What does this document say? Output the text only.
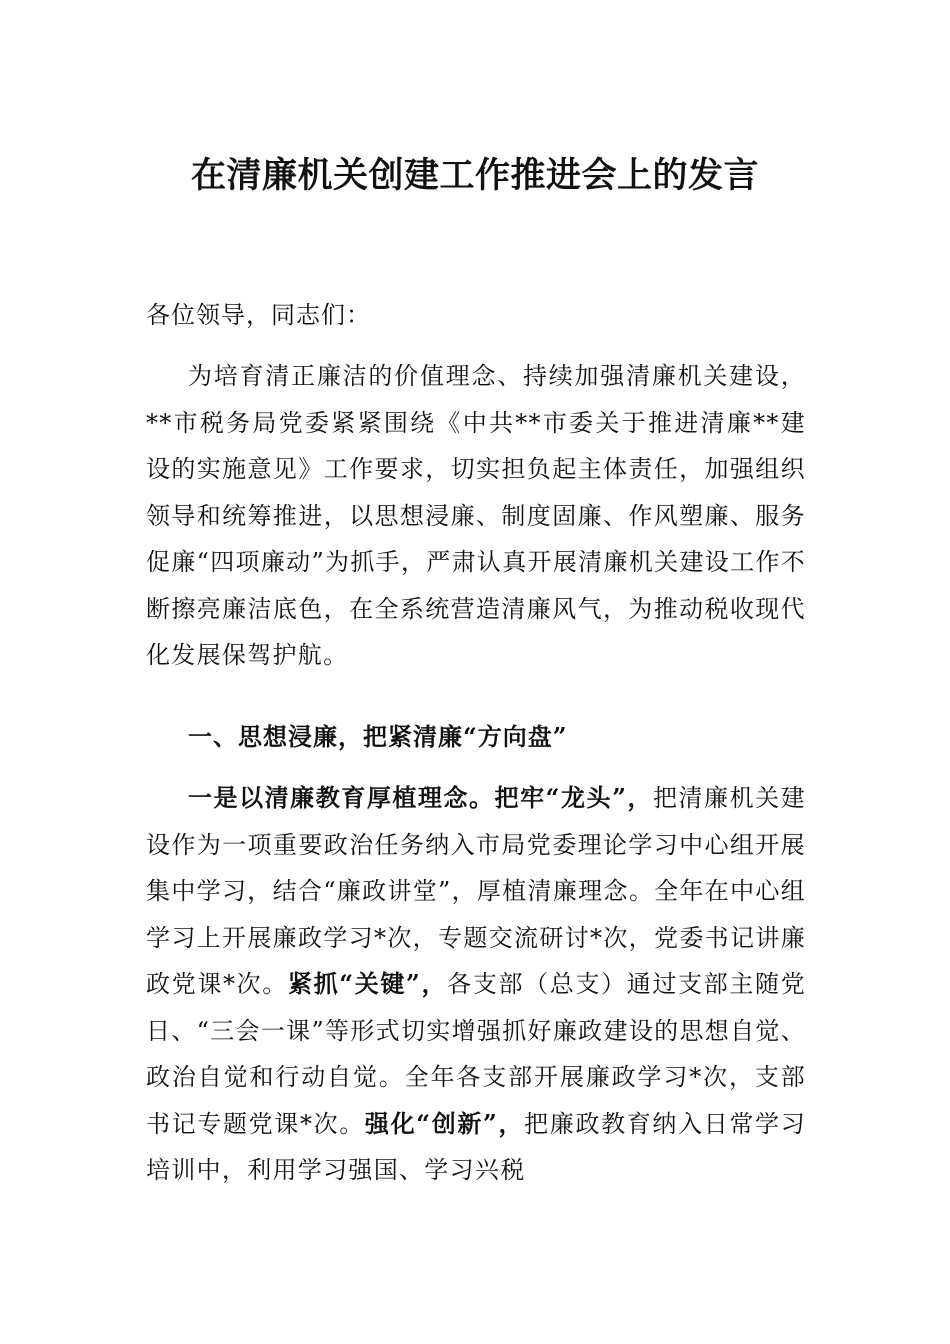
在清廉机关创建工作推进会上的发言
各位领导，同志们：

为培育清正廉洁的价值理念、持续加强清廉机关建设，**市税务局党委紧紧围绕《中共**市委关于推进清廉**建设的实施意见》工作要求，切实担负起主体责任，加强组织领导和统筹推进，以思想浸廉、制度固廉、作风塑廉、服务促廉“四项廉动”为抓手，严肃认真开展清廉机关建设工作不断擦亮廉洁底色，在全系统营造清廉风气，为推动税收现代化发展保驾护航。

一、思想浸廉，把紧清廉“方向盘”

一是以清廉教育厚植理念。把牢“龙头”，把清廉机关建设作为一项重要政治任务纳入市局党委理论学习中心组开展集中学习，结合“廉政讲堂”，厚植清廉理念。全年在中心组学习上开展廉政学习*次，专题交流研讨*次，党委书记讲廉政党课*次。紧抓“关键”，各支部（总支）通过支部主随党日、“三会一课”等形式切实增强抓好廉政建设的思想自觉、政治自觉和行动自觉。全年各支部开展廉政学习*次，支部书记专题党课*次。强化“创新”，把廉政教育纳入日常学习培训中，利用学习强国、学习兴税
